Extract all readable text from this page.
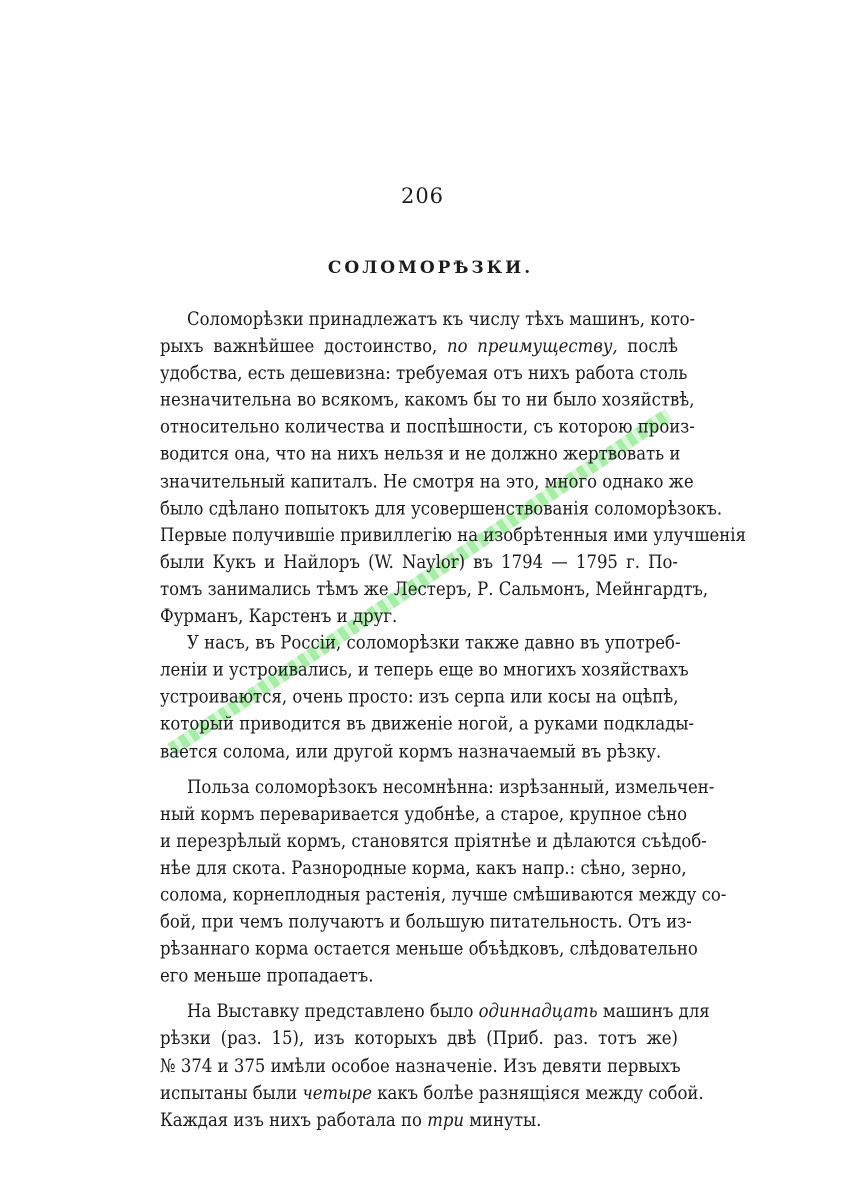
206
СОЛОМОРѢЗКИ.
Соломорѣзки принадлежатъ къ числу тѣхъ машинъ, кото-
рыхъ важнѣйшее достоинство, по преимуществу, послѣ
удобства, есть дешевизна: требуемая отъ нихъ работа столь
незначительна во всякомъ, какомъ бы то ни было хозяйствѣ,
относительно количества и поспѣшности, съ которою произ-
водится она, что на нихъ нельзя и не должно жертвовать и
значительный капиталъ. Не смотря на это, много однако же
было сдѣлано попытокъ для усовершенствованія соломорѣзокъ.
Первые получившіе привиллегію на изобрѣтенныя ими улучшенія
были Кукъ и Найлоръ (W. Naylor) въ 1794 — 1795 г. По-
томъ занимались тѣмъ же Лестеръ, Р. Сальмонъ, Мейнгардтъ,
Фурманъ, Карстенъ и друг.
У насъ, въ Россіи, соломорѣзки также давно въ употреб-
леніи и устроивались, и теперь еще во многихъ хозяйствахъ
устроиваются, очень просто: изъ серпа или косы на оцѣпѣ,
который приводится въ движеніе ногой, а руками подклады-
вается солома, или другой кормъ назначаемый въ рѣзку.
Польза соломорѣзокъ несомнѣнна: изрѣзанный, измельчен-
ный кормъ переваривается удобнѣе, а старое, крупное сѣно
и перезрѣлый кормъ, становятся пріятнѣе и дѣлаются съѣдоб-
нѣе для скота. Разнородные корма, какъ напр.: сѣно, зерно,
солома, корнеплодныя растенія, лучше смѣшиваются между со-
бой, при чемъ получаютъ и большую питательность. Отъ из-
рѣзаннаго корма остается меньше объѣдковъ, слѣдовательно
его меньше пропадаетъ.
На Выставку представлено было одиннадцать машинъ для
рѣзки (раз. 15), изъ которыхъ двѣ (Приб. раз. тотъ же)
№ 374 и 375 имѣли особое назначеніе. Изъ девяти первыхъ
испытаны были четыре какъ болѣе разнящіяся между собой.
Каждая изъ нихъ работала по три минуты.
